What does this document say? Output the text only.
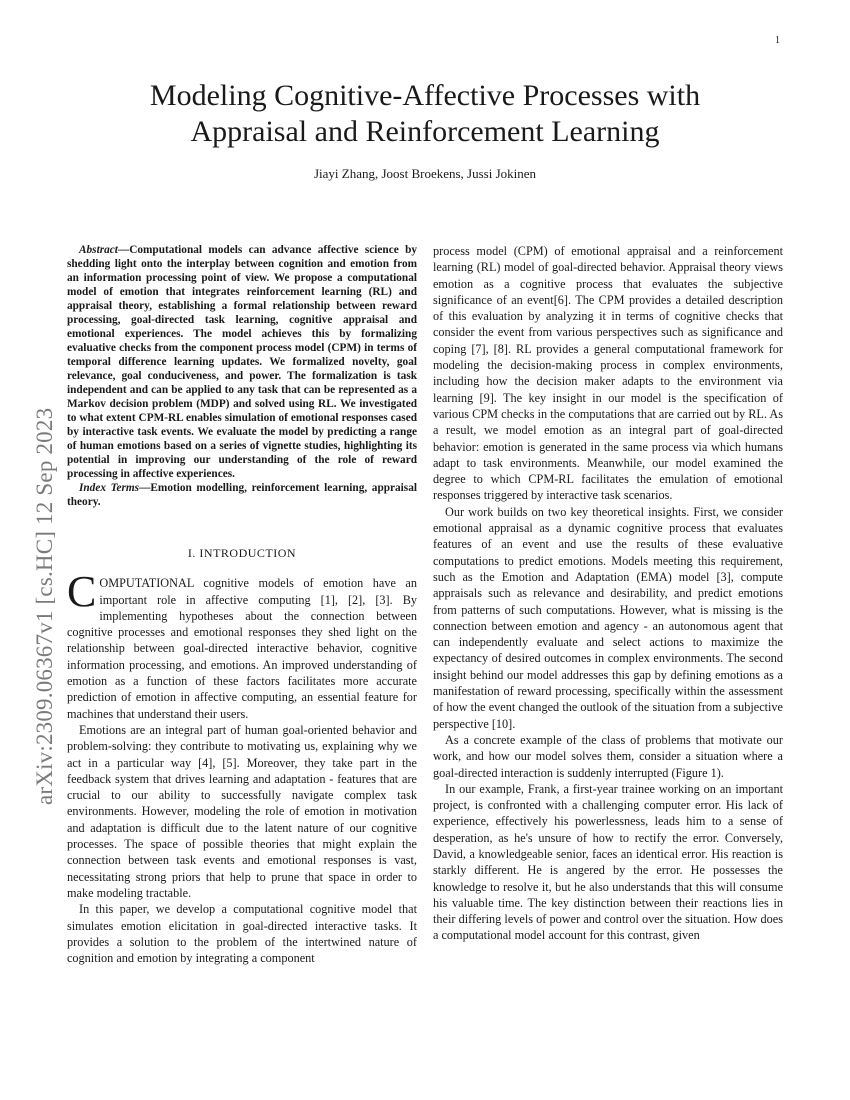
1
arXiv:2309.06367v1 [cs.HC] 12 Sep 2023
Modeling Cognitive-Affective Processes with
Appraisal and Reinforcement Learning
Jiayi Zhang, Joost Broekens, Jussi Jokinen

Abstract—Computational models can advance affective science by shedding light onto the interplay between cognition and emotion from an information processing point of view. We propose a computational model of emotion that integrates reinforcement learning (RL) and appraisal theory, establishing a formal relationship between reward processing, goal-directed task learning, cognitive appraisal and emotional experiences. The model achieves this by formalizing evaluative checks from the component process model (CPM) in terms of temporal difference learning updates. We formalized novelty, goal relevance, goal conduciveness, and power. The formalization is task independent and can be applied to any task that can be represented as a Markov decision problem (MDP) and solved using RL. We investigated to what extent CPM-RL enables simulation of emotional responses cased by interactive task events. We evaluate the model by predicting a range of human emotions based on a series of vignette studies, highlighting its potential in improving our understanding of the role of reward processing in affective experiences.

Index Terms—Emotion modelling, reinforcement learning, appraisal theory.

I. INTRODUCTION

COMPUTATIONAL cognitive models of emotion have an important role in affective computing [1], [2], [3]. By implementing hypotheses about the connection between cognitive processes and emotional responses they shed light on the relationship between goal-directed interactive behavior, cognitive information processing, and emotions. An improved understanding of emotion as a function of these factors facilitates more accurate prediction of emotion in affective computing, an essential feature for machines that understand their users.

Emotions are an integral part of human goal-oriented behavior and problem-solving: they contribute to motivating us, explaining why we act in a particular way [4], [5]. Moreover, they take part in the feedback system that drives learning and adaptation - features that are crucial to our ability to successfully navigate complex task environments. However, modeling the role of emotion in motivation and adaptation is difficult due to the latent nature of our cognitive processes. The space of possible theories that might explain the connection between task events and emotional responses is vast, necessitating strong priors that help to prune that space in order to make modeling tractable.

In this paper, we develop a computational cognitive model that simulates emotion elicitation in goal-directed interactive tasks. It provides a solution to the problem of the intertwined nature of cognition and emotion by integrating a component

process model (CPM) of emotional appraisal and a reinforcement learning (RL) model of goal-directed behavior. Appraisal theory views emotion as a cognitive process that evaluates the subjective significance of an event[6]. The CPM provides a detailed description of this evaluation by analyzing it in terms of cognitive checks that consider the event from various perspectives such as significance and coping [7], [8]. RL provides a general computational framework for modeling the decision-making process in complex environments, including how the decision maker adapts to the environment via learning [9]. The key insight in our model is the specification of various CPM checks in the computations that are carried out by RL. As a result, we model emotion as an integral part of goal-directed behavior: emotion is generated in the same process via which humans adapt to task environments. Meanwhile, our model examined the degree to which CPM-RL facilitates the emulation of emotional responses triggered by interactive task scenarios.

Our work builds on two key theoretical insights. First, we consider emotional appraisal as a dynamic cognitive process that evaluates features of an event and use the results of these evaluative computations to predict emotions. Models meeting this requirement, such as the Emotion and Adaptation (EMA) model [3], compute appraisals such as relevance and desirability, and predict emotions from patterns of such computations. However, what is missing is the connection between emotion and agency - an autonomous agent that can independently evaluate and select actions to maximize the expectancy of desired outcomes in complex environments. The second insight behind our model addresses this gap by defining emotions as a manifestation of reward processing, specifically within the assessment of how the event changed the outlook of the situation from a subjective perspective [10].

As a concrete example of the class of problems that motivate our work, and how our model solves them, consider a situation where a goal-directed interaction is suddenly interrupted (Figure 1).

In our example, Frank, a first-year trainee working on an important project, is confronted with a challenging computer error. His lack of experience, effectively his powerlessness, leads him to a sense of desperation, as he's unsure of how to rectify the error. Conversely, David, a knowledgeable senior, faces an identical error. His reaction is starkly different. He is angered by the error. He possesses the knowledge to resolve it, but he also understands that this will consume his valuable time. The key distinction between their reactions lies in their differing levels of power and control over the situation. How does a computational model account for this contrast, given
